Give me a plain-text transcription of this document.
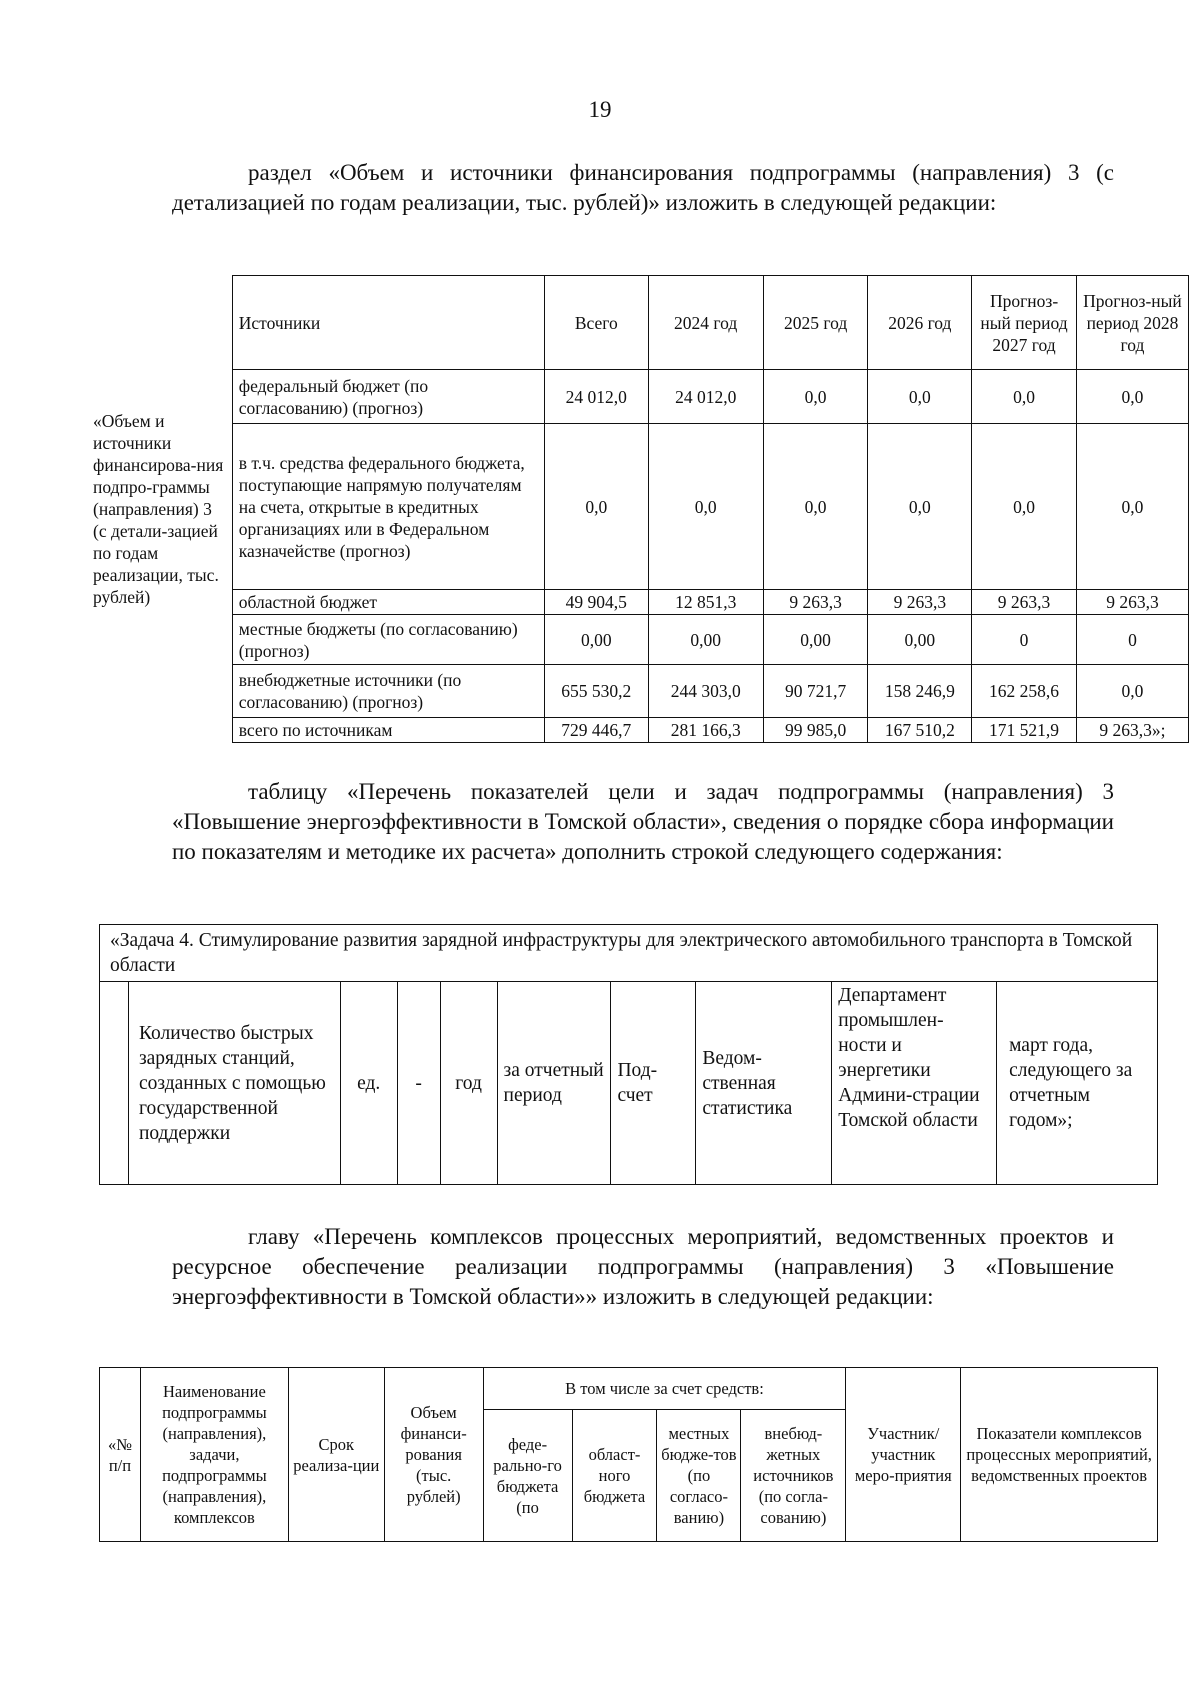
19
раздел «Объем и источники финансирования подпрограммы (направления) 3 (с детализацией по годам реализации, тыс. рублей)» изложить в следующей редакции:
«Объем и источники финансирова-ния подпро-граммы (направления) 3 (с детали-зацией по годам реализации, тыс. рублей)	Источники	Всего	2024 год	2025 год	2026 год	Прогноз-ный период 2027 год	Прогноз-ный период 2028 год
	федеральный бюджет (по согласованию) (прогноз)	24 012,0	24 012,0	0,0	0,0	0,0	0,0
	в т.ч. средства федерального бюджета, поступающие напрямую получателям на счета, открытые в кредитных организациях или в Федеральном казначействе (прогноз)	0,0	0,0	0,0	0,0	0,0	0,0
	областной бюджет	49 904,5	12 851,3	9 263,3	9 263,3	9 263,3	9 263,3
	местные бюджеты (по согласованию) (прогноз)	0,00	0,00	0,00	0,00	0	0
	внебюджетные источники (по согласованию) (прогноз)	655 530,2	244 303,0	90 721,7	158 246,9	162 258,6	0,0
	всего по источникам	729 446,7	281 166,3	99 985,0	167 510,2	171 521,9	9 263,3»;
таблицу «Перечень показателей цели и задач подпрограммы (направления) 3 «Повышение энергоэффективности в Томской области», сведения о порядке сбора информации по показателям и методике их расчета» дополнить строкой следующего содержания:
«Задача 4. Стимулирование развития зарядной инфраструктуры для электрического автомобильного транспорта в Томской области
	Количество быстрых зарядных станций, созданных с помощью государственной поддержки	ед.	-	год	за отчетный период	Под-счет	Ведом-ственная статистика	Департамент промышлен-ности и энергетики Админи-страции Томской области	март года, следующего за отчетным годом»;
главу «Перечень комплексов процессных мероприятий, ведомственных проектов и ресурсное обеспечение реализации подпрограммы (направления) 3 «Повышение энергоэффективности в Томской области»» изложить в следующей редакции:
«№ п/п	Наименование подпрограммы (направления), задачи, подпрограммы (направления), комплексов	Срок реализа-ции	Объем финанси-рования (тыс. рублей)	В том числе за счет средств:				Участник/ участник меро-приятия	Показатели комплексов процессных мероприятий, ведомственных проектов
				феде-рально-го бюджета (по	област-ного бюджета	местных бюдже-тов (по согласо-ванию)	внебюд-жетных источников (по согла-сованию)		
